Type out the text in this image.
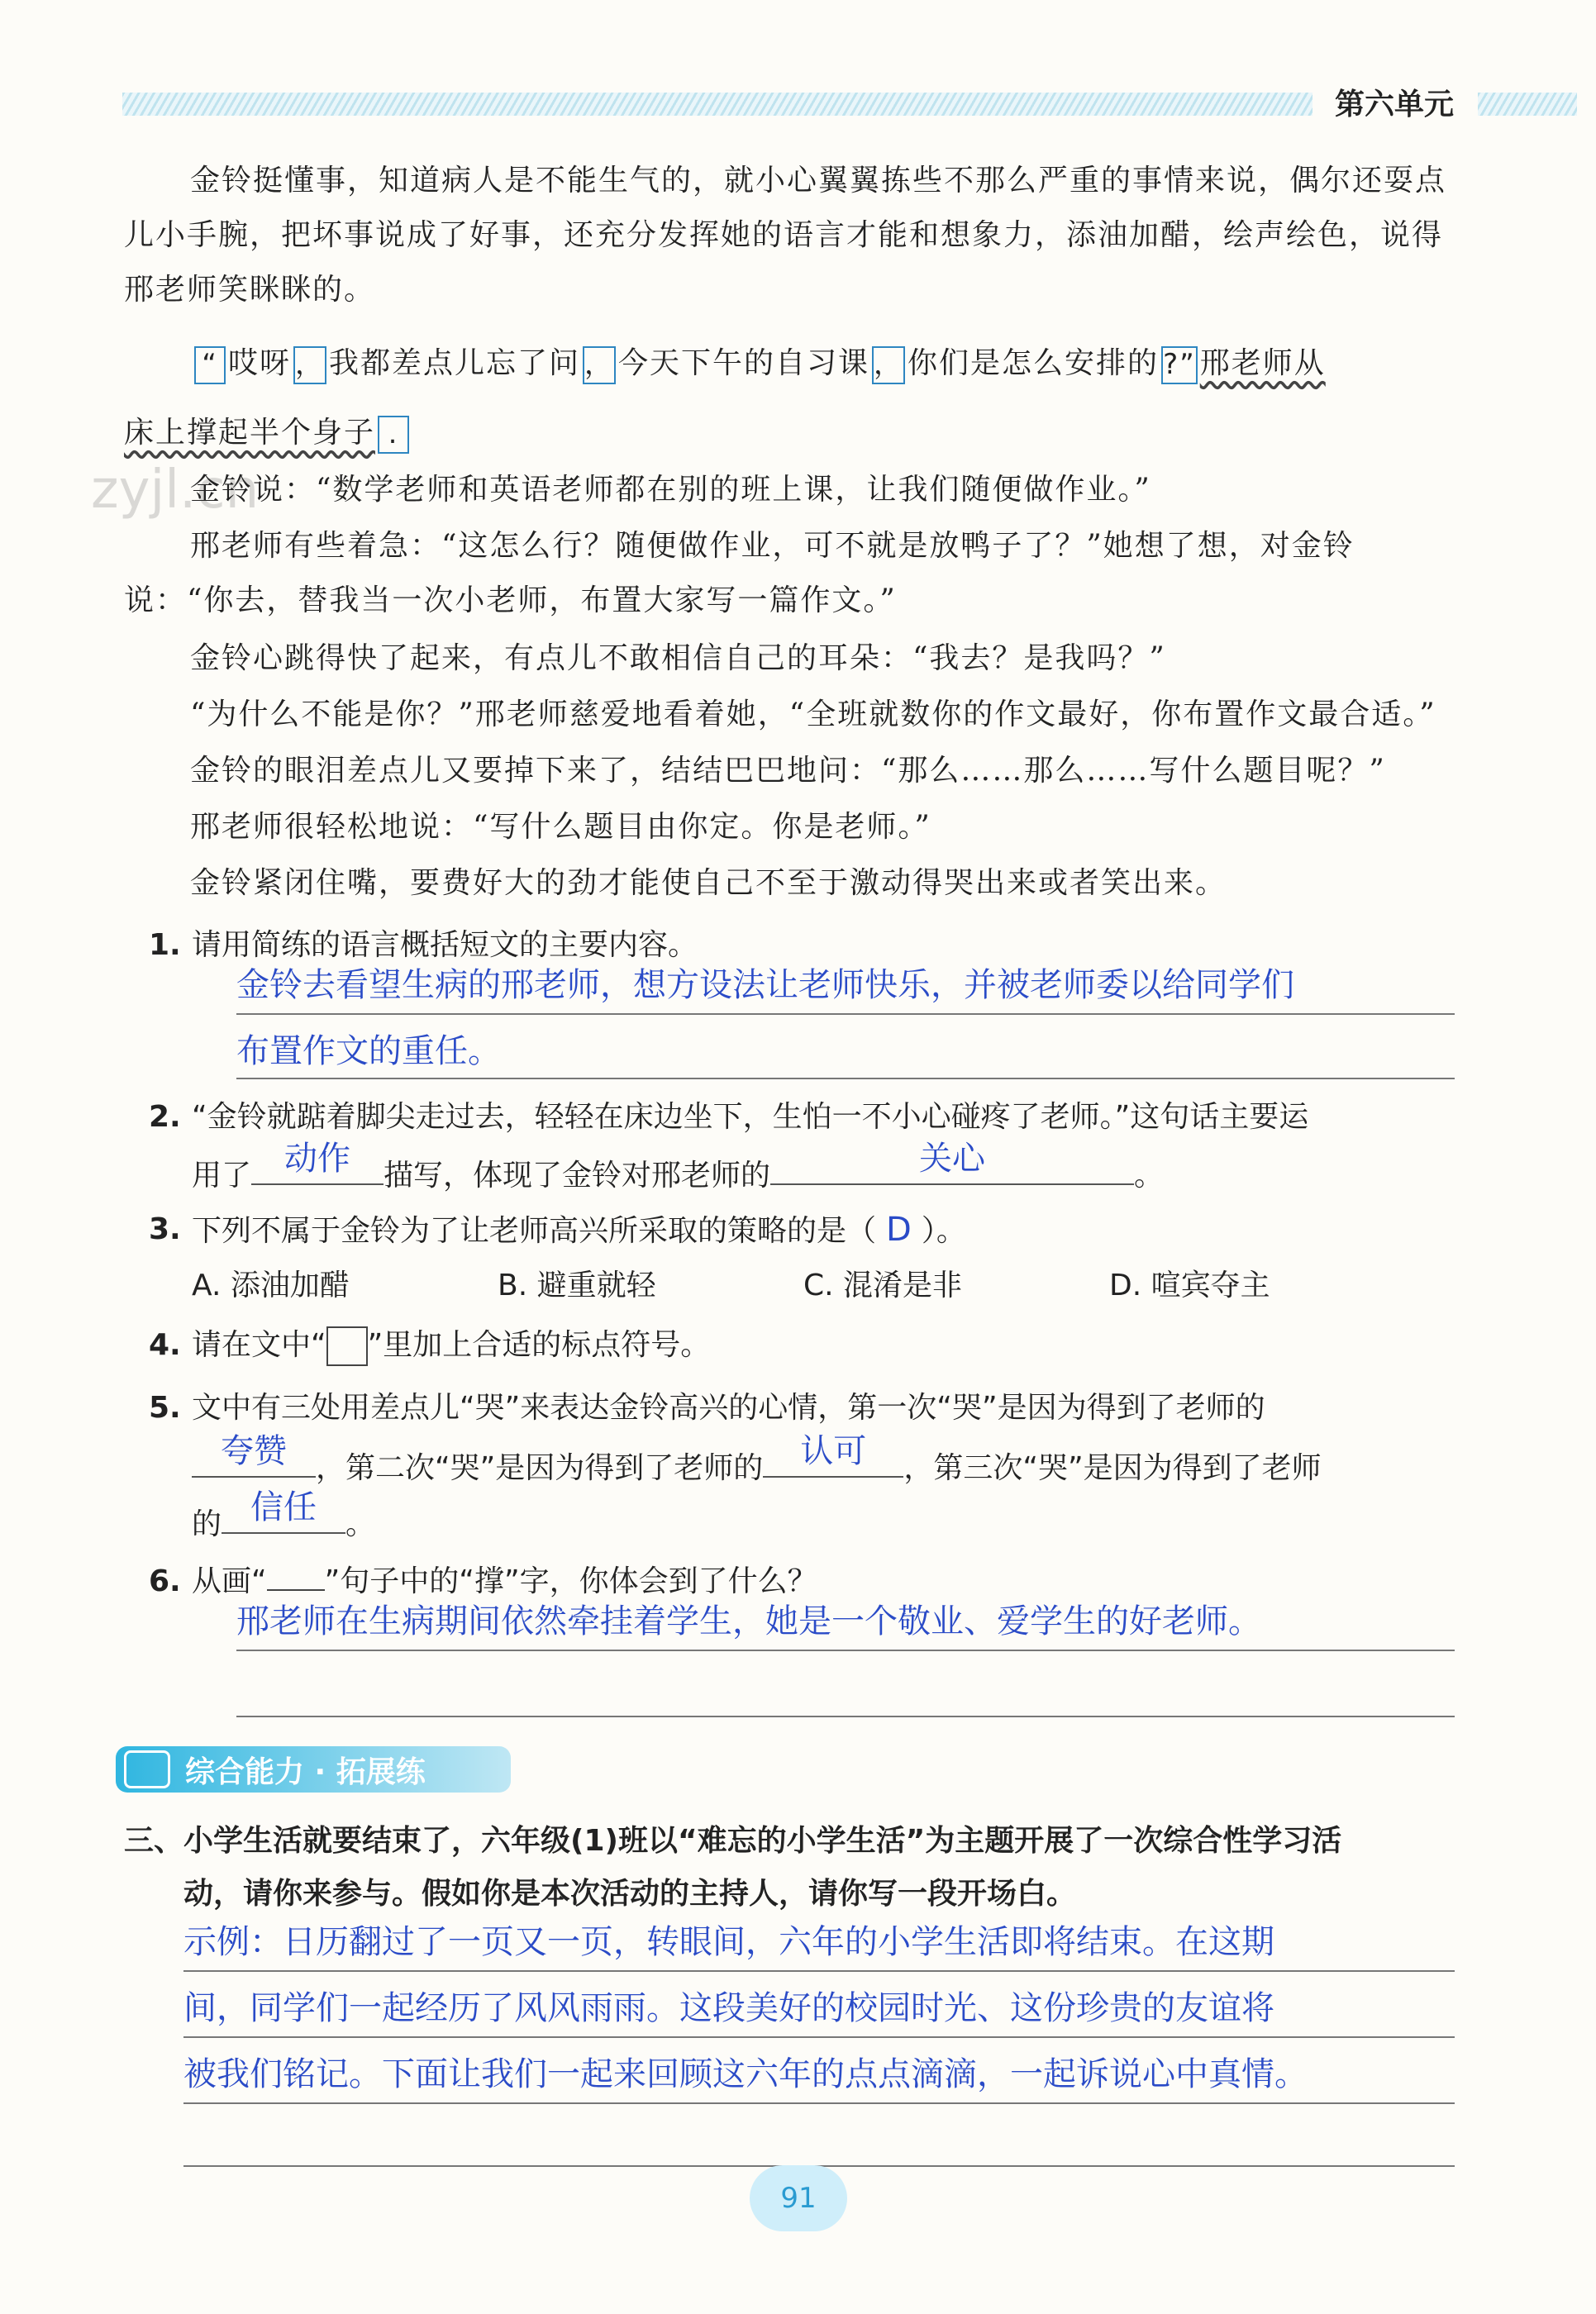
第六单元
zyjl.cn

金铃挺懂事，知道病人是不能生气的，就小心翼翼拣些不那么严重的事情来说，偶尔还耍点儿小手腕，把坏事说成了好事，还充分发挥她的语言才能和想象力，添油加醋，绘声绘色，说得邢老师笑眯眯的。

“ 哎呀 ， 我都差点儿忘了问 ， 今天下午的自习课 ， 你们是怎么安排的 ?” 邢老师从
床上撑起半个身子 .

金铃说：“数学老师和英语老师都在别的班上课，让我们随便做作业。”

邢老师有些着急：“这怎么行？随便做作业，可不就是放鸭子了？”她想了想，对金铃说：“你去，替我当一次小老师，布置大家写一篇作文。”

金铃心跳得快了起来，有点儿不敢相信自己的耳朵：“我去？是我吗？”

“为什么不能是你？”邢老师慈爱地看着她，“全班就数你的作文最好，你布置作文最合适。”

金铃的眼泪差点儿又要掉下来了，结结巴巴地问：“那么……那么……写什么题目呢？”

邢老师很轻松地说：“写什么题目由你定。你是老师。”

金铃紧闭住嘴，要费好大的劲才能使自己不至于激动得哭出来或者笑出来。

1. 请用简练的语言概括短文的主要内容。
金铃去看望生病的邢老师，想方设法让老师快乐，并被老师委以给同学们
布置作文的重任。
2. “金铃就踮着脚尖走过去，轻轻在床边坐下，生怕一不小心碰疼了老师。”这句话主要运
用了	动作	描写，体现了金铃对邢老师的	关心	。
3. 下列不属于金铃为了让老师高兴所采取的策略的是（ D ）。
A. 添油加醋	B. 避重就轻	C. 混淆是非	D. 喧宾夺主
4. 请在文中“ ”里加上合适的标点符号。
5. 文中有三处用差点儿“哭”来表达金铃高兴的心情，第一次“哭”是因为得到了老师的
夸赞 ，第二次“哭”是因为得到了老师的	认可	，第三次“哭”是因为得到了老师
的 信任 。
6. 从画“ ”句子中的“撑”字，你体会到了什么？
邢老师在生病期间依然牵挂着学生，她是一个敬业、爱学生的好老师。
综合能力 · 拓展练
三、小学生活就要结束了，六年级(1)班以“难忘的小学生活”为主题开展了一次综合性学习活
动，请你来参与。假如你是本次活动的主持人，请你写一段开场白。
示例：日历翻过了一页又一页，转眼间，六年的小学生活即将结束。在这期
间，同学们一起经历了风风雨雨。这段美好的校园时光、这份珍贵的友谊将
被我们铭记。下面让我们一起来回顾这六年的点点滴滴，一起诉说心中真情。
91
